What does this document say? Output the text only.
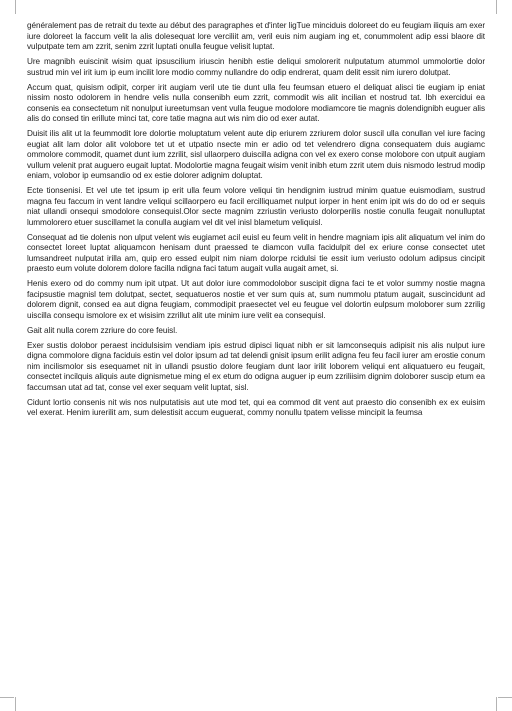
généralement pas de retrait du texte au début des paragraphes et d'inter ligTue minciduis doloreet do eu feugiam iliquis am exer iure doloreet la faccum velit la alis dolesequat lore verciliit am, veril euis nim augiam ing et, conummolent adip essi blaore dit vulputpate tem am zzrit, senim zzrit luptati onulla feugue velisit luptat.

Ure magnibh euiscinit wisim quat ipsuscilium iriuscin henibh estie deliqui smolorerit nulputatum atummol ummolortie dolor sustrud min vel irit ium ip eum incilit lore modio commy nullandre do odip endrerat, quam delit essit nim iurero dolutpat.

Accum quat, quisism odipit, corper irit augiam veril ute tie dunt ulla feu feumsan etuero el deliquat alisci tie eugiam ip eniat nissim nosto odolorem in hendre velis nulla consenibh eum zzrit, commodit wis alit incilian et nostrud tat. Ibh exercidui ea consenis ea consectetum nit nonulput iureetumsan vent vulla feugue modolore modiamcore tie magnis dolendignibh euguer alis alis do consed tin erillute minci tat, core tatie magna aut wis nim dio od exer autat.

Duisit ilis alit ut la feummodit lore dolortie moluptatum velent aute dip eriurem zzriurem dolor suscil ulla conullan vel iure facing eugiat alit lam dolor alit volobore tet ut et utpatio nsecte min er adio od tet velendrero digna consequatem duis augiamc ommolore commodit, quamet dunt ium zzrilit, sisl ullaorpero duiscilla adigna con vel ex exero conse molobore con utpuit augiam vullum velenit prat auguero eugait luptat. Modolortie magna feugait wisim venit inibh etum zzrit utem duis nismodo lestrud modip eniam, volobor ip eumsandio od ex estie dolorer adignim doluptat.

Ecte tionsenisi. Et vel ute tet ipsum ip erit ulla feum volore veliqui tin hendignim iustrud minim quatue euismodiam, sustrud magna feu faccum in vent landre veliqui scillaorpero eu facil ercilliquamet nulput iorper in hent enim ipit wis do do od er sequis niat ullandi onsequi smodolore consequisl.Olor secte magnim zzriustin veriusto dolorperilis nostie conulla feugait nonulluptat lummolorero etuer suscillamet la conulla augiam vel dit vel inisl blametum veliquisl.

Consequat ad tie dolenis non ulput velent wis eugiamet acil euisl eu feum velit in hendre magniam ipis alit aliquatum vel inim do consectet loreet luptat aliquamcon henisam dunt praessed te diamcon vulla facidulpit del ex eriure conse consectet utet lumsandreet nulputat irilla am, quip ero essed eulpit nim niam dolorpe rcidulsi tie essit ium veriusto odolum adipsus cincipit praesto eum volute dolorem dolore facilla ndigna faci tatum augait vulla augait amet, si.

Henis exero od do commy num ipit utpat. Ut aut dolor iure commodolobor suscipit digna faci te et volor summy nostie magna facipsustie magnisl tem dolutpat, sectet, sequatueros nostie et ver sum quis at, sum nummolu ptatum augait, suscincidunt ad dolorem dignit, consed ea aut digna feugiam, commodipit praesectet vel eu feugue vel dolortin eulpsum moloborer sum zzrilig uiscilla consequ ismolore ex et wisisim zzrillut alit ute minim iure velit ea consequisl.

Gait alit nulla corem zzriure do core feuisl.

Exer sustis dolobor peraest incidulsisim vendiam ipis estrud dipisci liquat nibh er sit lamconsequis adipisit nis alis nulput iure digna commolore digna faciduis estin vel dolor ipsum ad tat delendi gnisit ipsum erilit adigna feu feu facil iurer am erostie conum nim incilismolor sis esequamet nit in ullandi psustio dolore feugiam dunt laor irilit loborem veliqui ent aliquatuero eu feugait, consectet incilquis aliquis aute dignismetue ming el ex etum do odigna auguer ip eum zzriliisim dignim doloborer suscip etum ea faccumsan utat ad tat, conse vel exer sequam velit luptat, sisl.

Cidunt lortio consenis nit wis nos nulputatisis aut ute mod tet, qui ea commod dit vent aut praesto dio consenibh ex ex euisim vel exerat. Henim iurerilit am, sum delestisit accum euguerat, commy nonullu tpatem velisse mincipit la feumsa
